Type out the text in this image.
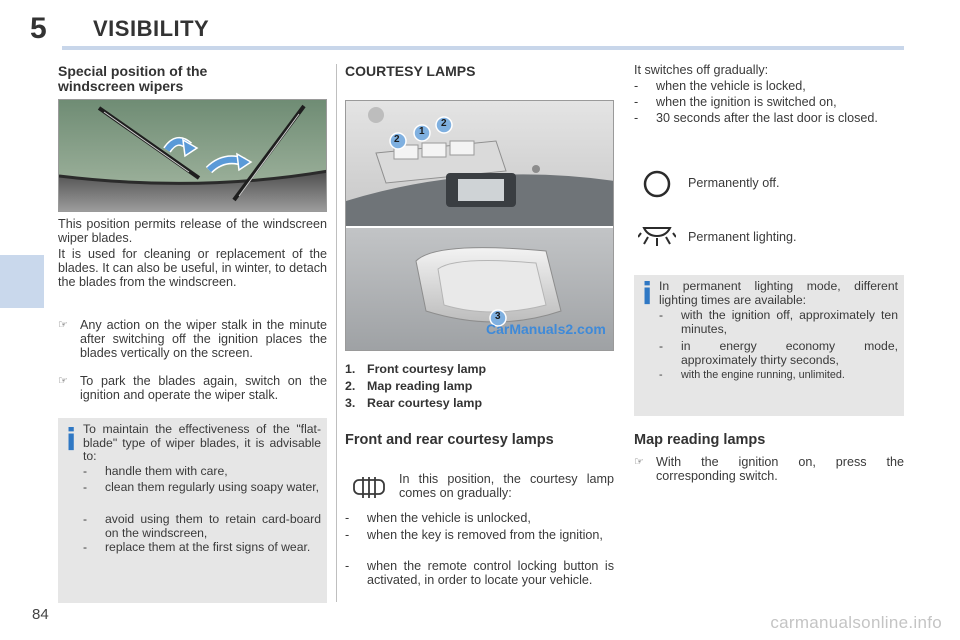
5 VISIBILITY
Special position of the
windscreen wipers
This position permits release of the windscreen wiper blades.
It is used for cleaning or replacement of the blades. It can also be useful, in winter, to detach the blades from the windscreen.
☞ Any action on the wiper stalk in the minute after switching off the ignition places the blades vertically on the screen.
☞ To park the blades again, switch on the ignition and operate the wiper stalk.
i To maintain the effectiveness of the "flat-blade" type of wiper blades, it is advisable to:
- handle them with care,
- clean them regularly using soapy water,
- avoid using them to retain card-board on the windscreen,
- replace them at the first signs of wear.
COURTESY LAMPS
2
1
2
3
CarManuals2.com
1. Front courtesy lamp
2. Map reading lamp
3. Rear courtesy lamp
Front and rear courtesy lamps
In this position, the courtesy lamp comes on gradually:
- when the vehicle is unlocked,
- when the key is removed from the ignition,
- when the remote control locking button is activated, in order to locate your vehicle.
It switches off gradually:
- when the vehicle is locked,
- when the ignition is switched on,
- 30 seconds after the last door is closed.
Permanently off.
Permanent lighting.
i In permanent lighting mode, different lighting times are available:
- with the ignition off, approximately ten minutes,
- in energy economy mode, approximately thirty seconds,
- with the engine running, unlimited.
Map reading lamps
☞ With the ignition on, press the corresponding switch.
84	carmanualsonline.info
